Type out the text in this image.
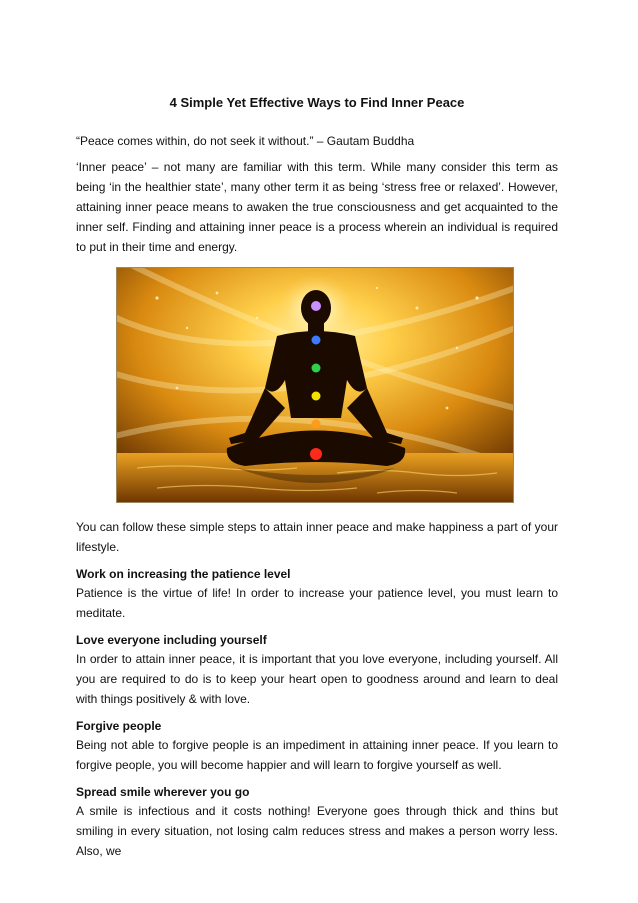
4 Simple Yet Effective Ways to Find Inner Peace

“Peace comes within, do not seek it without.” – Gautam Buddha

‘Inner peace’ – not many are familiar with this term. While many consider this term as being ‘in the healthier state’, many other term it as being ‘stress free or relaxed’. However, attaining inner peace means to awaken the true consciousness and get acquainted to the inner self. Finding and attaining inner peace is a process wherein an individual is required to put in their time and energy.

You can follow these simple steps to attain inner peace and make happiness a part of your lifestyle.

Work on increasing the patience level

Patience is the virtue of life! In order to increase your patience level, you must learn to meditate.

Love everyone including yourself

In order to attain inner peace, it is important that you love everyone, including yourself. All you are required to do is to keep your heart open to goodness around and learn to deal with things positively & with love.

Forgive people

Being not able to forgive people is an impediment in attaining inner peace. If you learn to forgive people, you will become happier and will learn to forgive yourself as well.

Spread smile wherever you go

A smile is infectious and it costs nothing! Everyone goes through thick and thins but smiling in every situation, not losing calm reduces stress and makes a person worry less. Also, we
